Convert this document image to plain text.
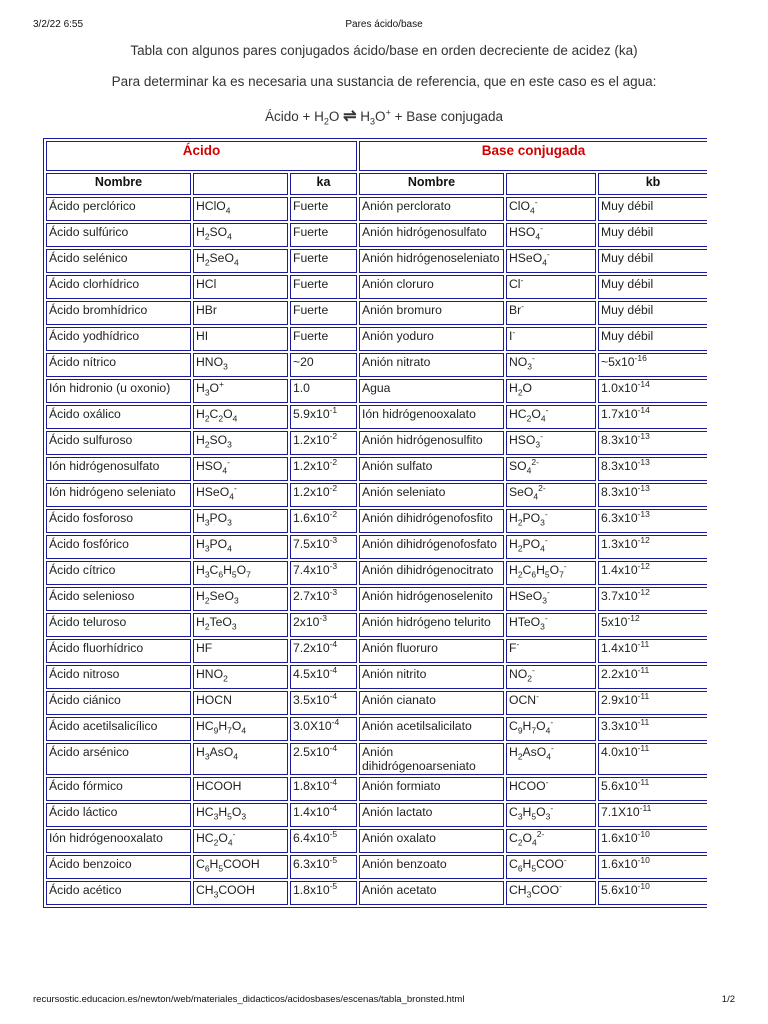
3/2/22 6:55	Pares ácido/base
Tabla con algunos pares conjugados ácido/base en orden decreciente de acidez (ka)
Para determinar ka es necesaria una sustancia de referencia, que en este caso es el agua:
Ácido + $H_2O$ ⇌ $H_3O^+$ + Base conjugada
Ácido			Base conjugada		
Nombre		ka	Nombre		kb
Ácido perclórico	HClO$_4$	Fuerte	Anión perclorato	ClO$_4$-	Muy débil
Ácido sulfúrico	$H_2SO_4$	Fuerte	Anión hidrógenosulfato	$HSO_4^-$	Muy débil
Ácido selénico	$H_2SeO_4$	Fuerte	Anión hidrógenoseleniato	HSeO$_4$-	Muy débil
Ácido clorhídrico	HCl	Fuerte	Anión cloruro	Cl-	Muy débil
Ácido bromhídrico	HBr	Fuerte	Anión bromuro	Br-	Muy débil
Ácido yodhídrico	HI	Fuerte	Anión yoduro	I-	Muy débil
Ácido nítrico	$HNO_3$	~20	Anión nitrato	$NO_3^-$	$\sim 5x10^{-16}$
Ión hidronio (u oxonio)	$H_3O^+$	1.0	Agua	$H_2O$	$1.0x10^{-14}$
Ácido oxálico	$H_2C_2O_4$	$5.9x10^{-1}$	Ión hidrógenooxalato	$HC_2O_4^-$	$1.7x10^{-14}$
Ácido sulfuroso	$H_2SO_3$	$1.2x10^{-2}$	Anión hidrógenosulfito	$HSO_3^-$	$8.3x10^{-13}$
Ión hidrógenosulfato	$HSO_4^-$	$1.2x10^{-2}$	Anión sulfato	$SO_4^{2-}$	$8.3x10^{-13}$
Ión hidrógeno seleniato	HSeO$_4$-	$1.2x10^{-2}$	Anión seleniato	SeO$_4^{2-}$	$8.3x10^{-13}$
Ácido fosforoso	$H_3PO_3$	$1.6x10^{-2}$	Anión dihidrógenofosfito	$H_2PO_3^-$	$6.3x10^{-13}$
Ácido fosfórico	$H_3PO_4$	$7.5x10^{-3}$	Anión dihidrógenofosfato	$H_2PO_4^-$	$1.3x10^{-12}$
Ácido cítrico	$H_3C_6H_5O_7$	$7.4x10^{-3}$	Anión dihidrógenocitrato	$H_2C_6H_5O_7^-$	$1.4x10^{-12}$
Ácido selenioso	$H_2SeO_3$	$2.7x10^{-3}$	Anión hidrógenoselenito	HSeO$_3$-	$3.7x10^{-12}$
Ácido teluroso	$H_2TeO_3$	$2x10^{-3}$	Anión hidrógeno telurito	HTeO$_3$-	$5x10^{-12}$
Ácido fluorhídrico	HF	$7.2x10^{-4}$	Anión fluoruro	F-	$1.4x10^{-11}$
Ácido nitroso	$HNO_2$	$4.5x10^{-4}$	Anión nitrito	$NO_2^-$	$2.2x10^{-11}$
Ácido ciánico	HOCN	$3.5x10^{-4}$	Anión cianato	OCN-	$2.9x10^{-11}$
Ácido acetilsalicílico	$HC_9H_7O_4$	$3.0X10^{-4}$	Anión acetilsalicilato	$C_9H_7O_4^-$	$3.3x10^{-11}$
Ácido arsénico	$H_3AsO_4$	$2.5x10^{-4}$	Anión dihidrógenoarseniato	$H_2AsO_4^-$	$4.0x10^{-11}$
Ácido fórmico	HCOOH	$1.8x10^{-4}$	Anión formiato	HCOO-	$5.6x10^{-11}$
Ácido láctico	$HC_3H_5O_3$	$1.4x10^{-4}$	Anión lactato	$C_3H_5O_3^-$	$7.1X10^{-11}$
Ión hidrógenooxalato	$HC_2O_4^-$	$6.4x10^{-5}$	Anión oxalato	$C_2O_4^{2-}$	$1.6x10^{-10}$
Ácido benzoico	$C_6H_5COOH$	$6.3x10^{-5}$	Anión benzoato	$C_6H_5COO^-$	$1.6x10^{-10}$
Ácido acético	$CH_3COOH$	$1.8x10^{-5}$	Anión acetato	$CH_3COO^-$	$5.6x10^{-10}$
recursostic.educacion.es/newton/web/materiales_didacticos/acidosbases/escenas/tabla_bronsted.html	1/2
